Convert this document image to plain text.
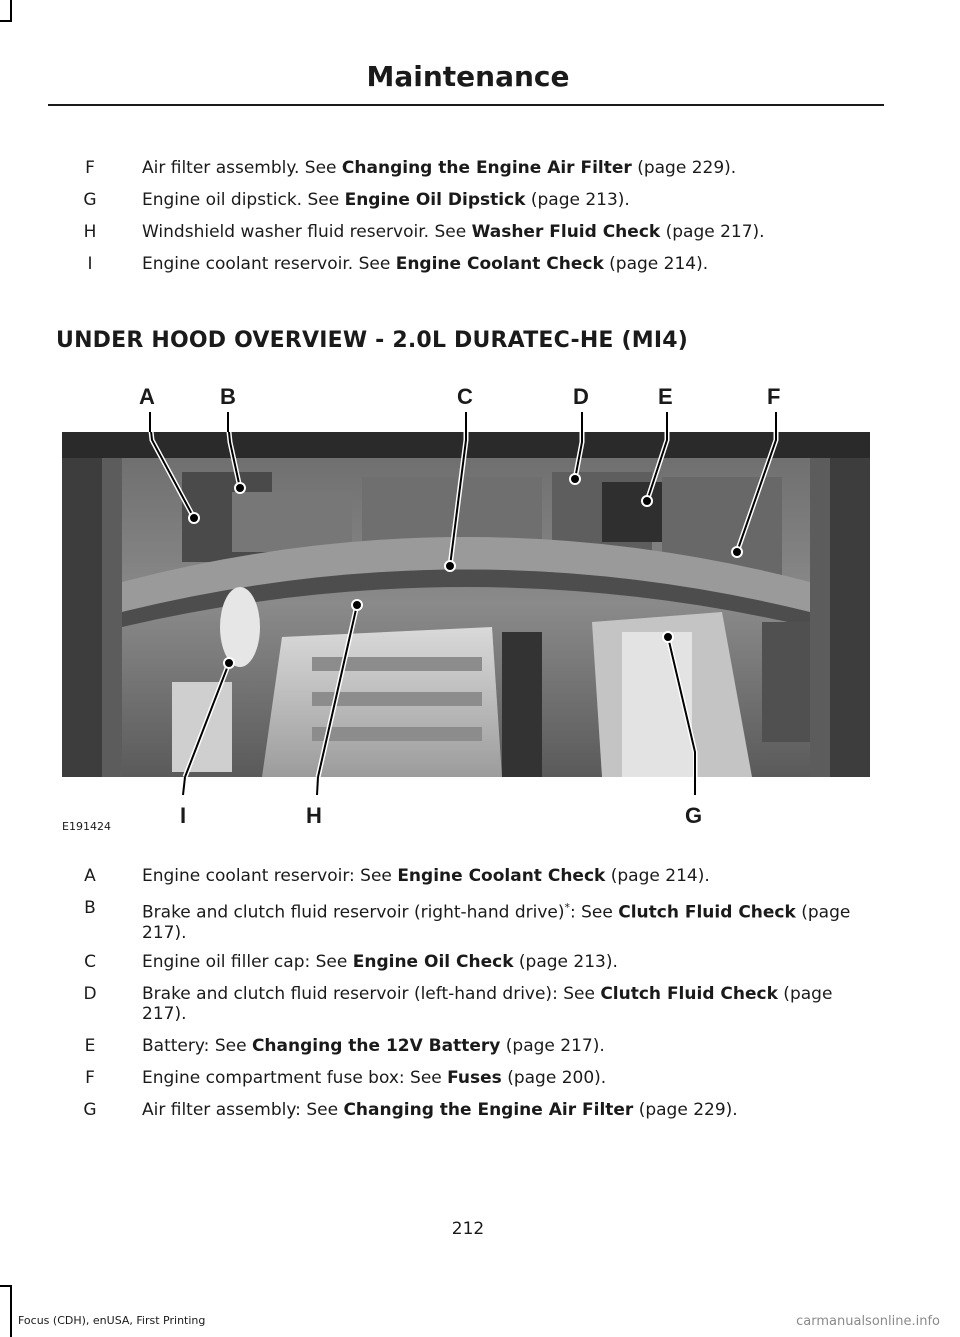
Maintenance
F	Air filter assembly. See Changing the Engine Air Filter (page 229).
G	Engine oil dipstick. See Engine Oil Dipstick (page 213).
H	Windshield washer fluid reservoir. See Washer Fluid Check (page 217).
I	Engine coolant reservoir. See Engine Coolant Check (page 214).
UNDER HOOD OVERVIEW - 2.0L DURATEC-HE (MI4)
A	B	C	D	E	F
I	H	G
E191424
A	Engine coolant reservoir: See Engine Coolant Check (page 214).
B	Brake and clutch fluid reservoir (right-hand drive)*: See Clutch Fluid Check (page 217).
C	Engine oil filler cap: See Engine Oil Check (page 213).
D	Brake and clutch fluid reservoir (left-hand drive): See Clutch Fluid Check (page 217).
E	Battery: See Changing the 12V Battery (page 217).
F	Engine compartment fuse box: See Fuses (page 200).
G	Air filter assembly: See Changing the Engine Air Filter (page 229).
212
Focus (CDH), enUSA, First Printing	carmanualsonline.info
